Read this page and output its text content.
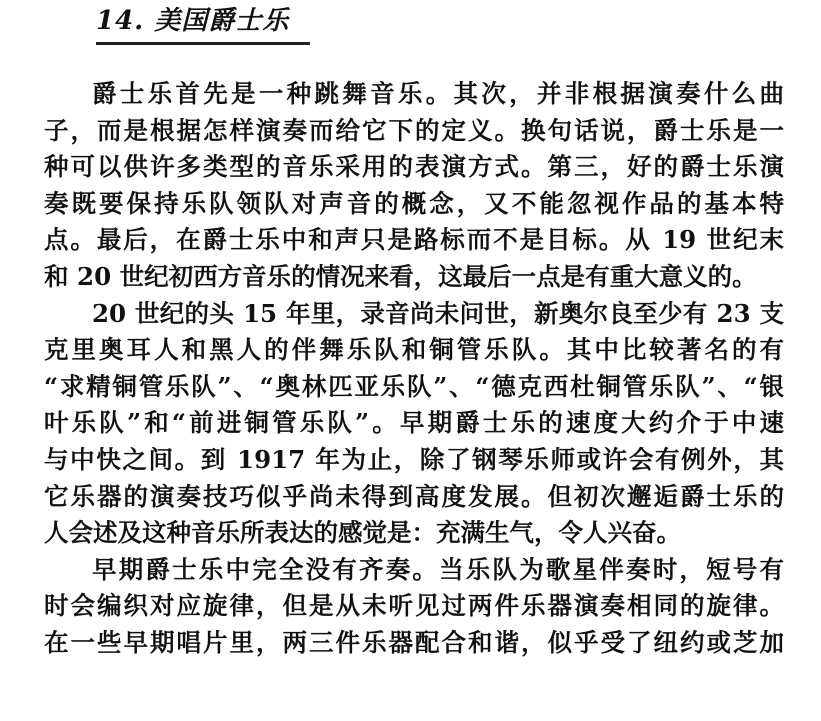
14. 美国爵士乐
爵士乐首先是一种跳舞音乐。其次，并非根据演奏什么曲
子，而是根据怎样演奏而给它下的定义。换句话说，爵士乐是一
种可以供许多类型的音乐采用的表演方式。第三，好的爵士乐演
奏既要保持乐队领队对声音的概念，又不能忽视作品的基本特
点。最后，在爵士乐中和声只是路标而不是目标。从 19 世纪末
和 20 世纪初西方音乐的情况来看，这最后一点是有重大意义的。
20 世纪的头 15 年里，录音尚未问世，新奥尔良至少有 23 支
克里奥耳人和黑人的伴舞乐队和铜管乐队。其中比较著名的有
“求精铜管乐队”、“奥林匹亚乐队”、“德克西杜铜管乐队”、“银
叶乐队”和“前进铜管乐队”。早期爵士乐的速度大约介于中速
与中快之间。到 1917 年为止，除了钢琴乐师或许会有例外，其
它乐器的演奏技巧似乎尚未得到高度发展。但初次邂逅爵士乐的
人会述及这种音乐所表达的感觉是：充满生气，令人兴奋。
早期爵士乐中完全没有齐奏。当乐队为歌星伴奏时，短号有
时会编织对应旋律，但是从未听见过两件乐器演奏相同的旋律。
在一些早期唱片里，两三件乐器配合和谐，似乎受了纽约或芝加
